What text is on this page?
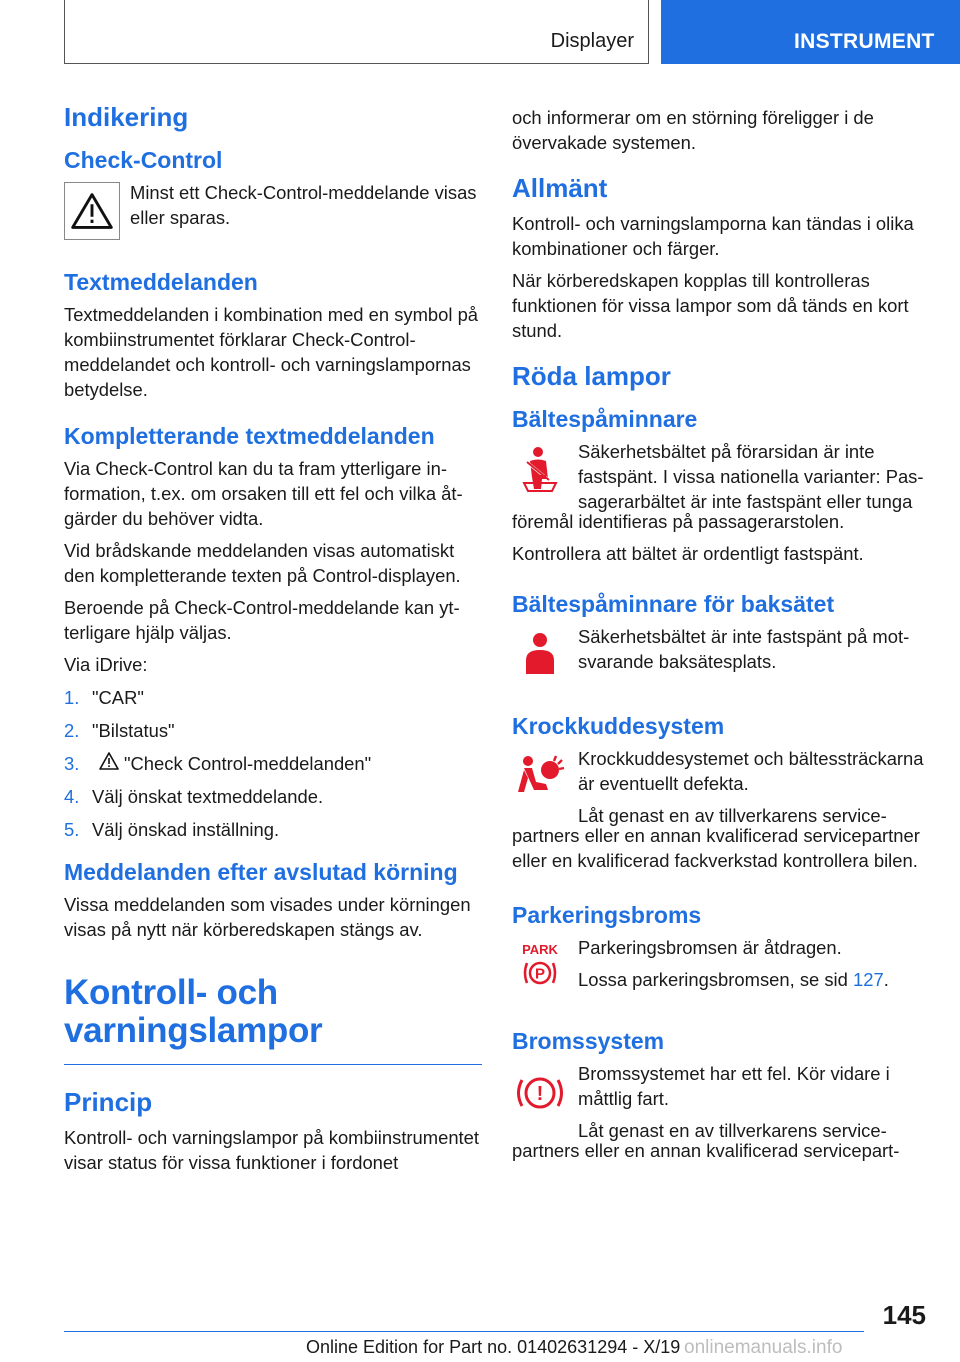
Displayer	INSTRUMENT
Indikering
Check-Control

Minst ett Check-Control-meddelande visas eller sparas.

Textmeddelanden

Textmeddelanden i kombination med en symbol på kombiinstrumentet förklarar Check-Control-meddelandet och kontroll- och varningslampornas betydelse.

Kompletterande textmeddelanden

Via Check-Control kan du ta fram ytterligare information, t.ex. om orsaken till ett fel och vilka åtgärder du behöver vidta.

Vid brådskande meddelanden visas automatiskt den kompletterande texten på Control-displayen.

Beroende på Check-Control-meddelande kan ytterligare hjälp väljas.

Via iDrive:

1. "CAR"
2. "Bilstatus"
3.	"Check Control-meddelanden"
4. Välj önskat textmeddelande.
5. Välj önskad inställning.
Meddelanden efter avslutad körning

Vissa meddelanden som visades under körningen visas på nytt när körberedskapen stängs av.

Kontroll- och
varningslampor
Princip

Kontroll- och varningslampor på kombiinstrumentet visar status för vissa funktioner i fordonet

och informerar om en störning föreligger i de övervakade systemen.

Allmänt

Kontroll- och varningslamporna kan tändas i olika kombinationer och färger.

När körberedskapen kopplas till kontrolleras funktionen för vissa lampor som då tänds en kort stund.

Röda lampor
Bältespåminnare

Säkerhetsbältet på förarsidan är inte fastspänt. I vissa nationella varianter: Passagerarbältet är inte fastspänt eller tunga

föremål identifieras på passagerarstolen.

Kontrollera att bältet är ordentligt fastspänt.

Bältespåminnare för baksätet

Säkerhetsbältet är inte fastspänt på motsvarande baksätesplats.

Krockkuddesystem

Krockkuddesystemet och bältessträckarna är eventuellt defekta.

Låt genast en av tillverkarens service-

partners eller en annan kvalificerad servicepartner eller en kvalificerad fackverkstad kontrollera bilen.

Parkeringsbroms
PARK
P

Parkeringsbromsen är åtdragen.

Lossa parkeringsbromsen, se sid 127.

Bromssystem
!

Bromssystemet har ett fel. Kör vidare i måttlig fart.

Låt genast en av tillverkarens service-

partners eller en annan kvalificerad servicepart-

145
Online Edition for Part no. 01402631294 - X/19 onlinemanuals.info
